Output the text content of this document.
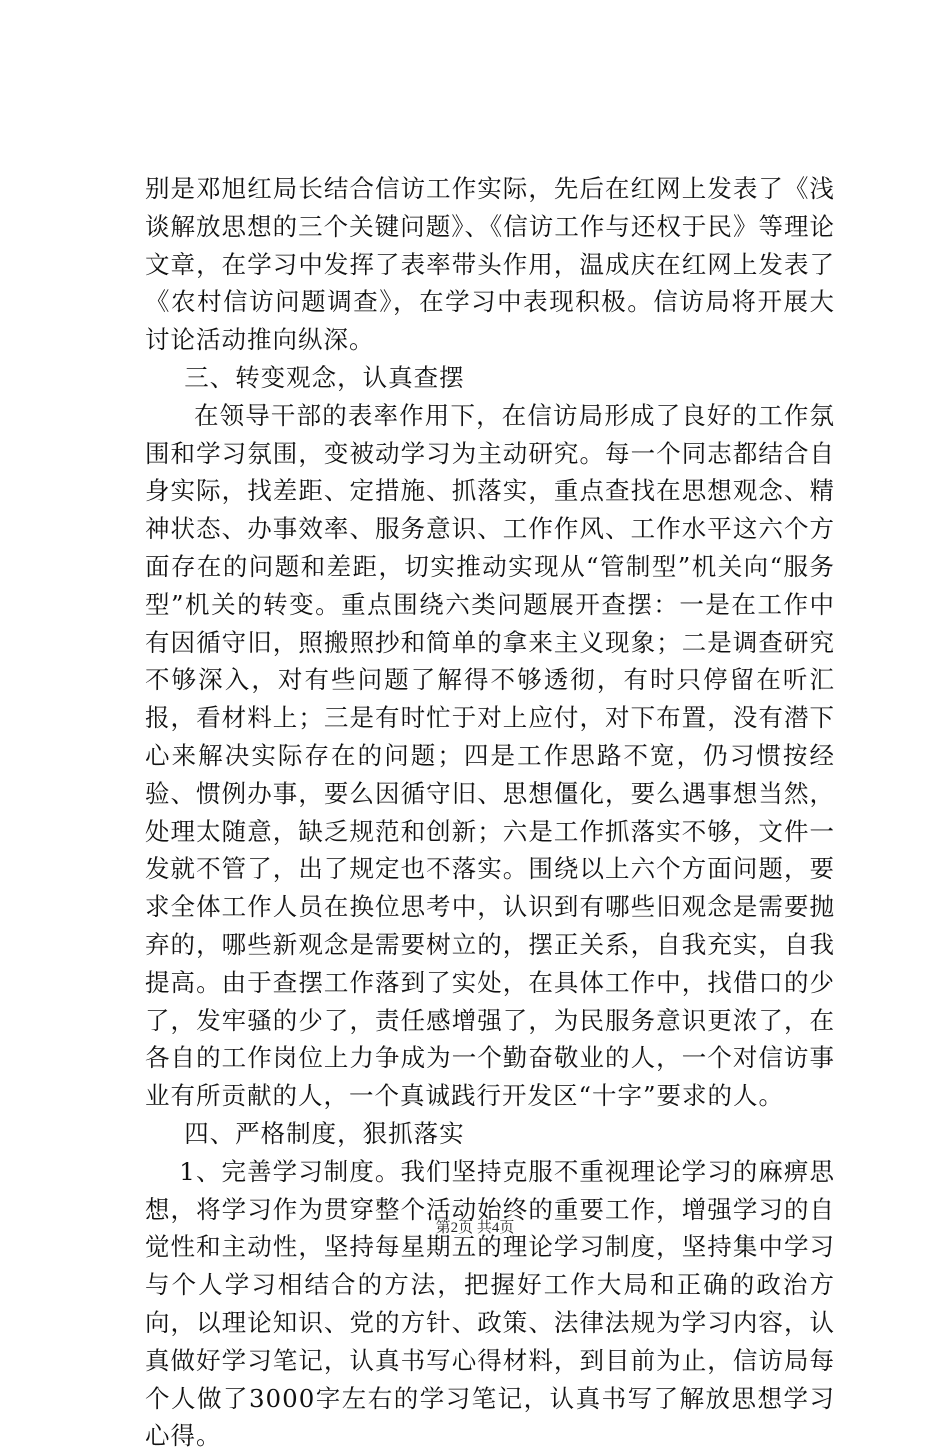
别是邓旭红局长结合信访工作实际，先后在红网上发表了《浅谈解放思想的三个关键问题》、《信访工作与还权于民》等理论文章，在学习中发挥了表率带头作用，温成庆在红网上发表了《农村信访问题调查》，在学习中表现积极。信访局将开展大讨论活动推向纵深。

三、转变观念，认真查摆

在领导干部的表率作用下，在信访局形成了良好的工作氛围和学习氛围，变被动学习为主动研究。每一个同志都结合自身实际，找差距、定措施、抓落实，重点查找在思想观念、精神状态、办事效率、服务意识、工作作风、工作水平这六个方面存在的问题和差距，切实推动实现从“管制型”机关向“服务型”机关的转变。重点围绕六类问题展开查摆：一是在工作中有因循守旧，照搬照抄和简单的拿来主义现象；二是调查研究不够深入，对有些问题了解得不够透彻，有时只停留在听汇报，看材料上；三是有时忙于对上应付，对下布置，没有潜下心来解决实际存在的问题；四是工作思路不宽，仍习惯按经验、惯例办事，要么因循守旧、思想僵化，要么遇事想当然，处理太随意，缺乏规范和创新；六是工作抓落实不够，文件一发就不管了，出了规定也不落实。围绕以上六个方面问题，要求全体工作人员在换位思考中，认识到有哪些旧观念是需要抛弃的，哪些新观念是需要树立的，摆正关系，自我充实，自我提高。由于查摆工作落到了实处，在具体工作中，找借口的少了，发牢骚的少了，责任感增强了，为民服务意识更浓了，在各自的工作岗位上力争成为一个勤奋敬业的人，一个对信访事业有所贡献的人，一个真诚践行开发区“十字”要求的人。

四、严格制度，狠抓落实

1、完善学习制度。我们坚持克服不重视理论学习的麻痹思想，将学习作为贯穿整个活动始终的重要工作，增强学习的自觉性和主动性，坚持每星期五的理论学习制度，坚持集中学习与个人学习相结合的方法，把握好工作大局和正确的政治方向，以理论知识、党的方针、政策、法律法规为学习内容，认真做好学习笔记，认真书写心得材料，到目前为止，信访局每个人做了3000字左右的学习笔记，认真书写了解放思想学习心得。

第2页 共4页
